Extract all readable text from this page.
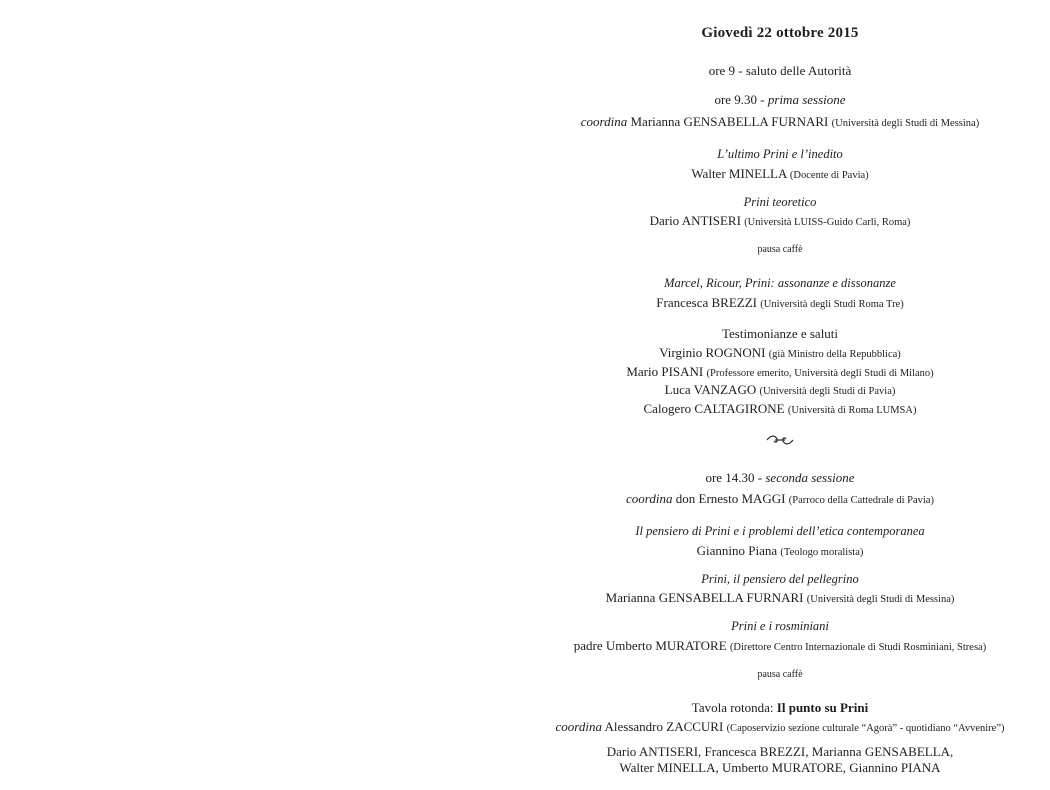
Giovedì 22 ottobre 2015
ore 9 - saluto delle Autorità
ore 9.30 - prima sessione
coordina Marianna GENSABELLA FURNARI (Università degli Studi di Messina)
L’ultimo Prini e l’inedito
Walter MINELLA (Docente di Pavia)
Prini teoretico
Dario ANTISERI (Università LUISS-Guido Carli, Roma)
pausa caffè
Marcel, Ricour, Prini: assonanze e dissonanze
Francesca BREZZI (Università degli Studi Roma Tre)
Testimonianze e saluti
Virginio ROGNONI (già Ministro della Repubblica)
Mario PISANI (Professore emerito, Università degli Studi di Milano)
Luca VANZAGO (Università degli Studi di Pavia)
Calogero CALTAGIRONE (Università di Roma LUMSA)
ore 14.30 - seconda sessione
coordina don Ernesto MAGGI (Parroco della Cattedrale di Pavia)
Il pensiero di Prini e i problemi dell’etica contemporanea
Giannino Piana (Teologo moralista)
Prini, il pensiero del pellegrino
Marianna GENSABELLA FURNARI (Università degli Studi di Messina)
Prini e i rosminiani
padre Umberto MURATORE (Direttore Centro Internazionale di Studi Rosminiani, Stresa)
pausa caffè
Tavola rotonda: Il punto su Prini
coordina Alessandro ZACCURI (Caposervizio sezione culturale “Agorà” - quotidiano “Avvenire”)
Dario ANTISERI, Francesca BREZZI, Marianna GENSABELLA,
Walter MINELLA, Umberto MURATORE, Giannino PIANA
